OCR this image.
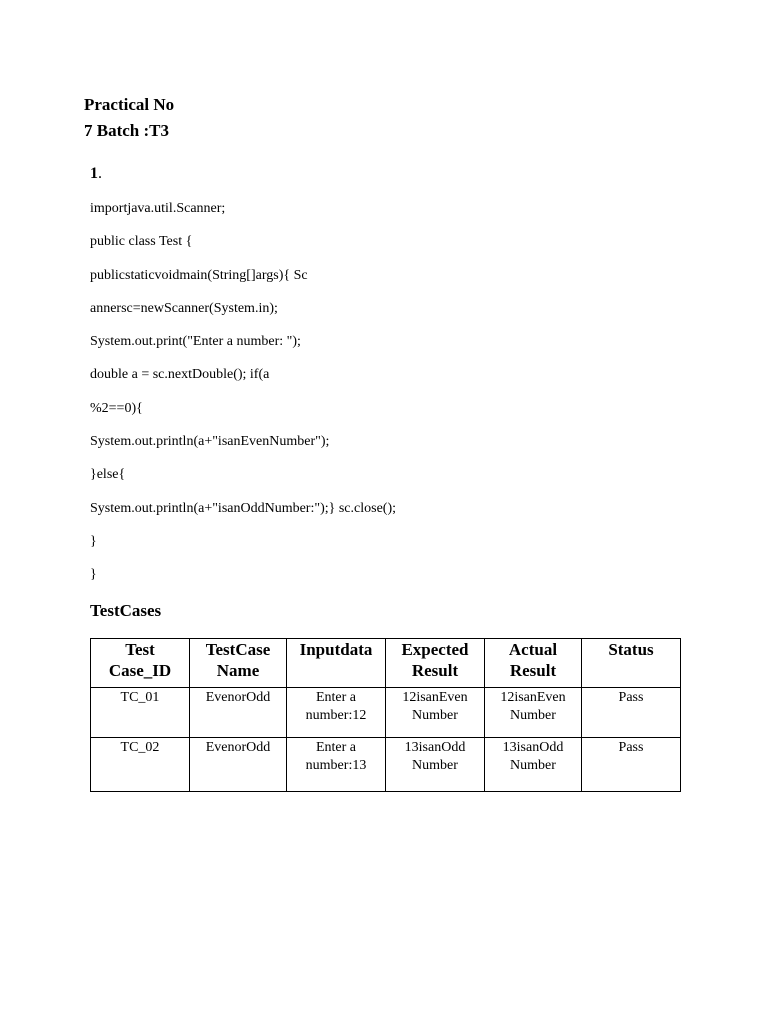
Practical No
7 Batch :T3
1.
importjava.util.Scanner;
public class Test {
publicstaticvoidmain(String[]args){ Sc
annersc=newScanner(System.in);
System.out.print("Enter a number: ");
double a = sc.nextDouble(); if(a
%2==0){
System.out.println(a+"isanEvenNumber");
}else{
System.out.println(a+"isanOddNumber:");} sc.close();
}
}
TestCases
Test Case_ID	TestCase Name	Inputdata	Expected Result	Actual Result	Status
TC_01	EvenorOdd	Enter a number:12	12isanEven Number	12isanEven Number	Pass
TC_02	EvenorOdd	Enter a number:13	13isanOdd Number	13isanOdd Number	Pass
